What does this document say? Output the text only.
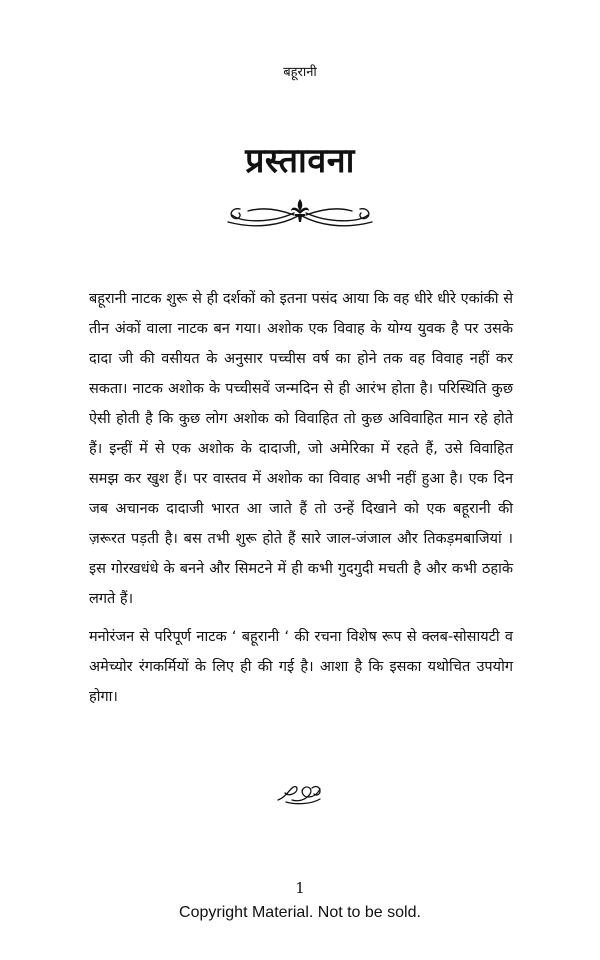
बहूरानी
प्रस्तावना

बहूरानी नाटक शुरू से ही दर्शकों को इतना पसंद आया कि वह धीरे धीरे एकांकी से तीन अंकों वाला नाटक बन गया। अशोक एक विवाह के योग्य युवक है पर उसके दादा जी की वसीयत के अनुसार पच्चीस वर्ष का होने तक वह विवाह नहीं कर सकता। नाटक अशोक के पच्चीसवें जन्मदिन से ही आरंभ होता है। परिस्थिति कुछ ऐसी होती है कि कुछ लोग अशोक को विवाहित तो कुछ अविवाहित मान रहे होते हैं। इन्हीं में से एक अशोक के दादाजी, जो अमेरिका में रहते हैं, उसे विवाहित समझ कर खुश हैं। पर वास्तव में अशोक का विवाह अभी नहीं हुआ है। एक दिन जब अचानक दादाजी भारत आ जाते हैं तो उन्हें दिखाने को एक बहूरानी की ज़रूरत पड़ती है। बस तभी शुरू होते हैं सारे जाल-जंजाल और तिकड़मबाजियां । इस गोरखधंधे के बनने और सिमटने में ही कभी गुदगुदी मचती है और कभी ठहाके लगते हैं।

मनोरंजन से परिपूर्ण नाटक ‘ बहूरानी ‘ की रचना विशेष रूप से क्लब-सोसायटी व अमेच्योर रंगकर्मियों के लिए ही की गई है। आशा है कि इसका यथोचित उपयोग होगा।

1
Copyright Material. Not to be sold.
